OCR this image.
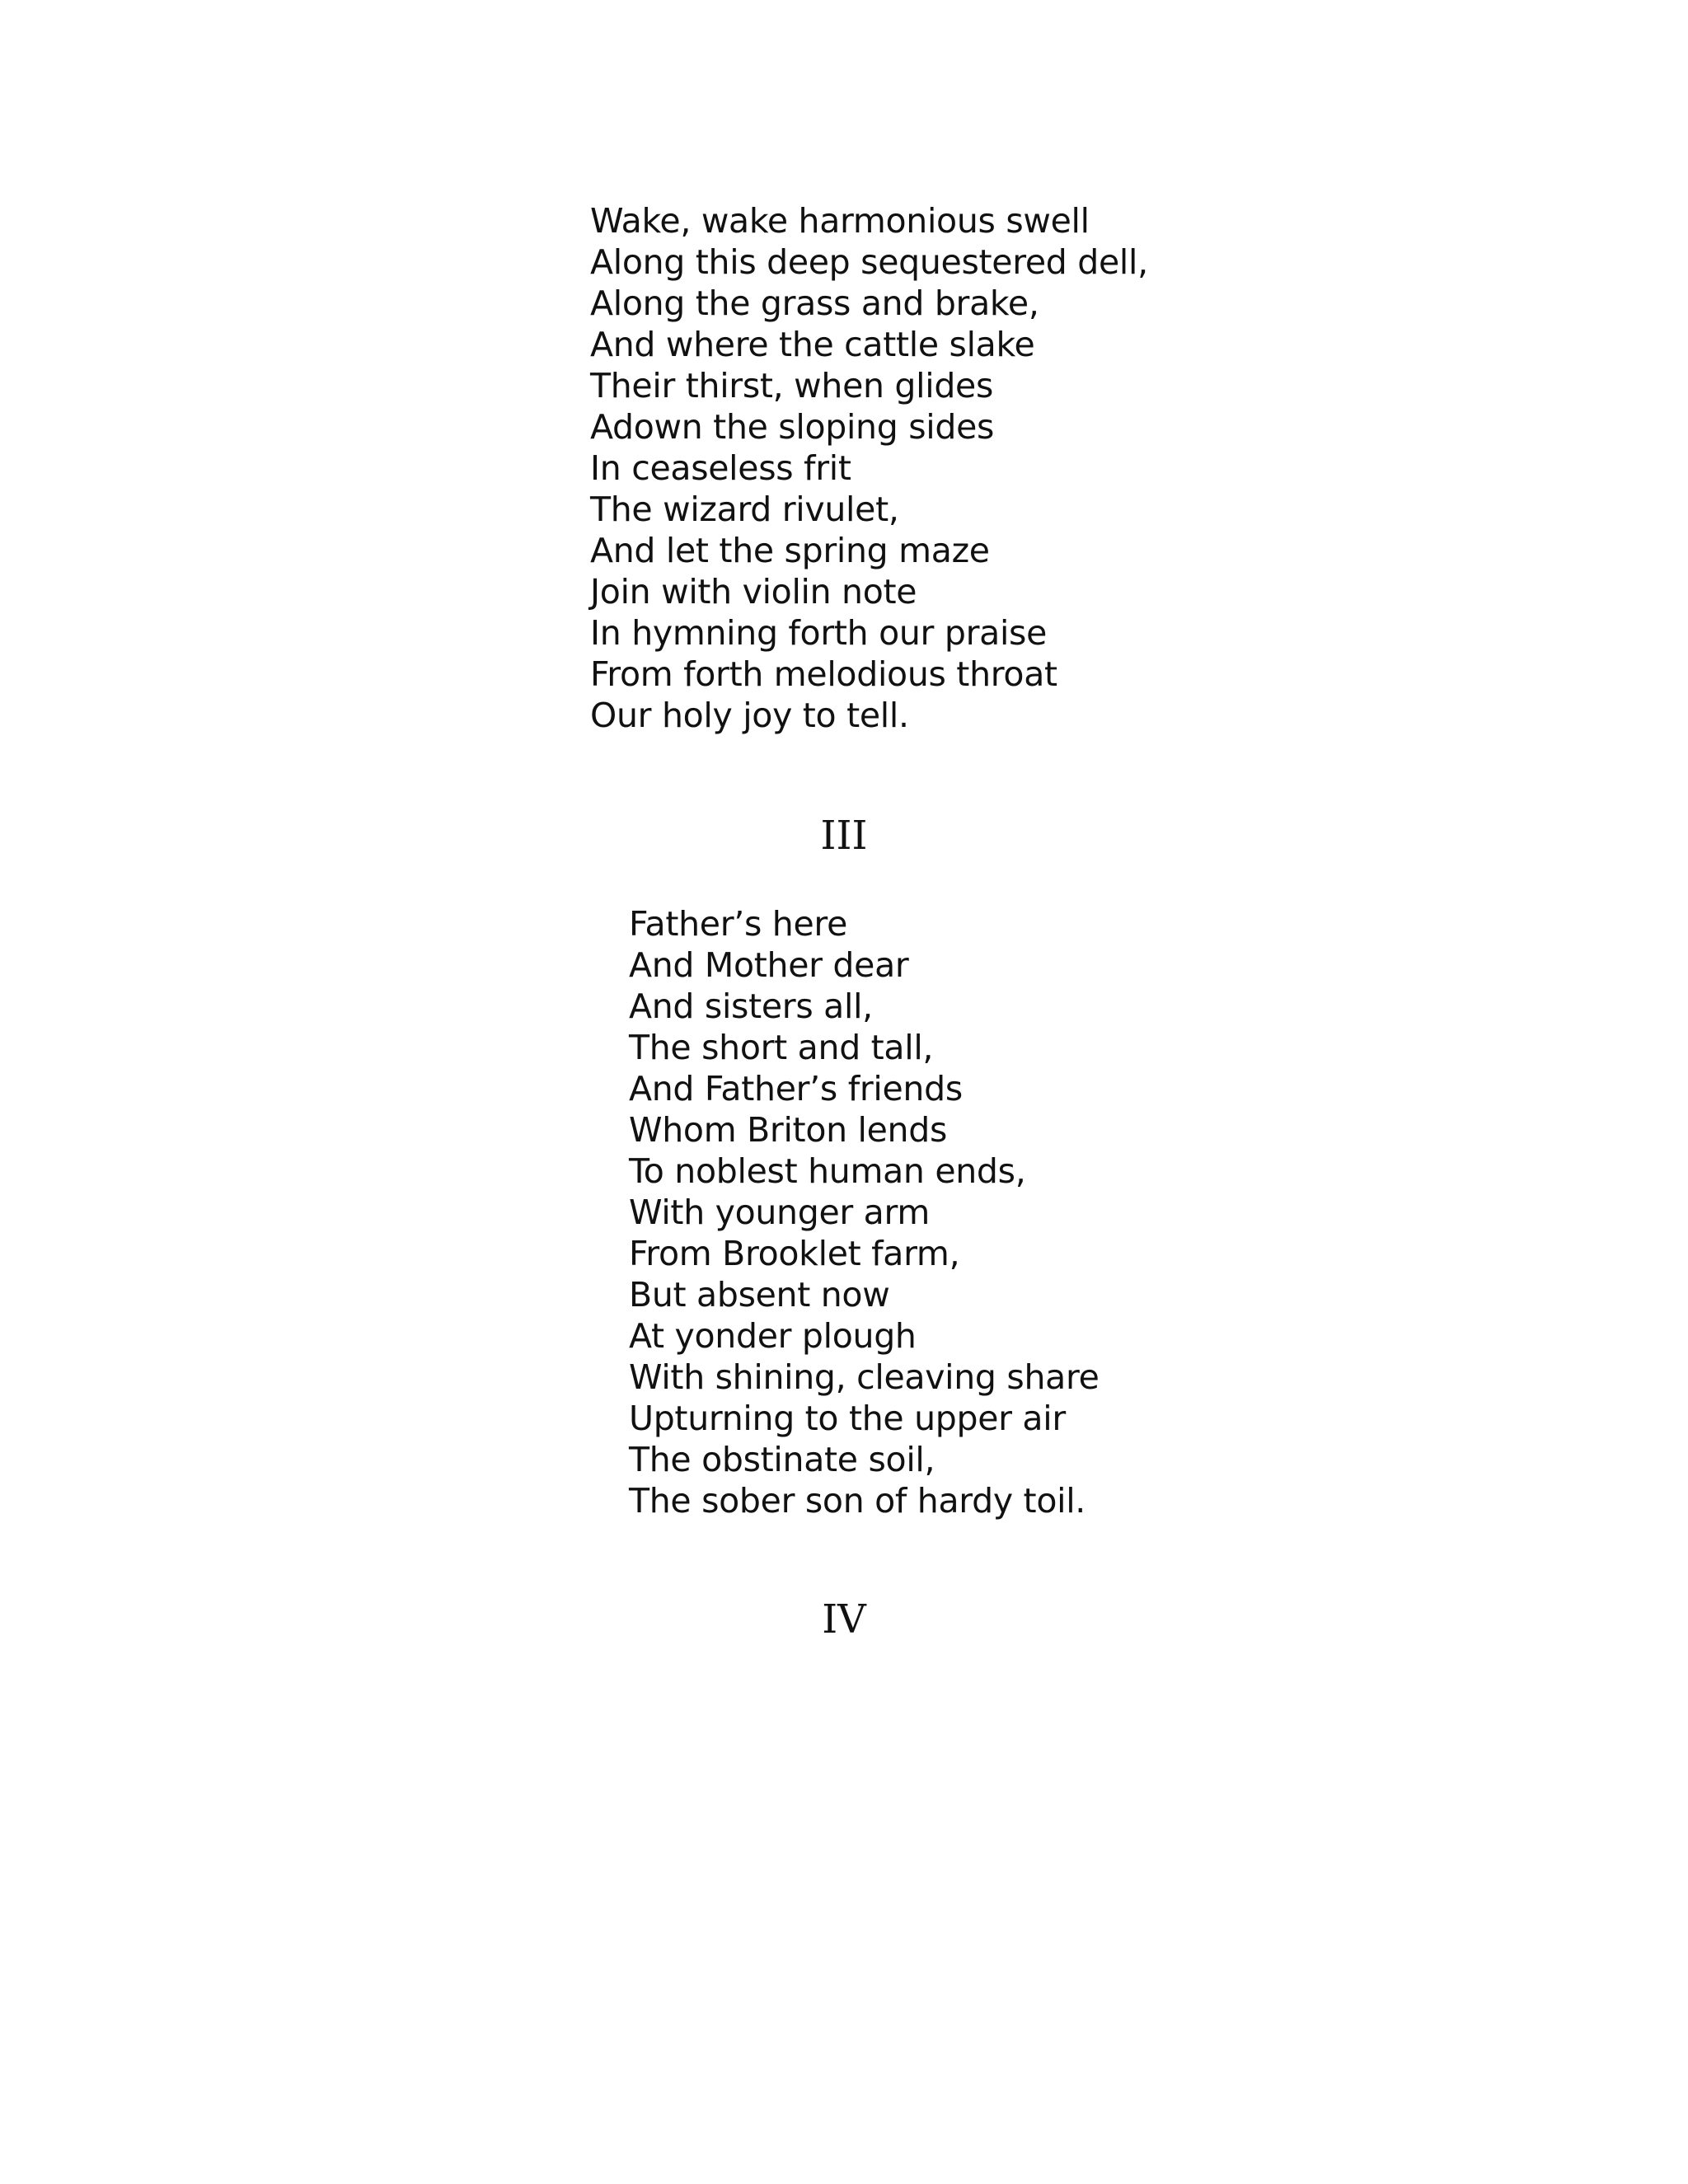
Wake, wake harmonious swell
Along this deep sequestered dell,
Along the grass and brake,
And where the cattle slake
Their thirst, when glides
Adown the sloping sides
In ceaseless frit
The wizard rivulet,
And let the spring maze
Join with violin note
In hymning forth our praise
From forth melodious throat
Our holy joy to tell.
III
Father’s here
And Mother dear
And sisters all,
The short and tall,
And Father’s friends
Whom Briton lends
To noblest human ends,
With younger arm
From Brooklet farm,
But absent now
At yonder plough
With shining, cleaving share
Upturning to the upper air
The obstinate soil,
The sober son of hardy toil.
IV
